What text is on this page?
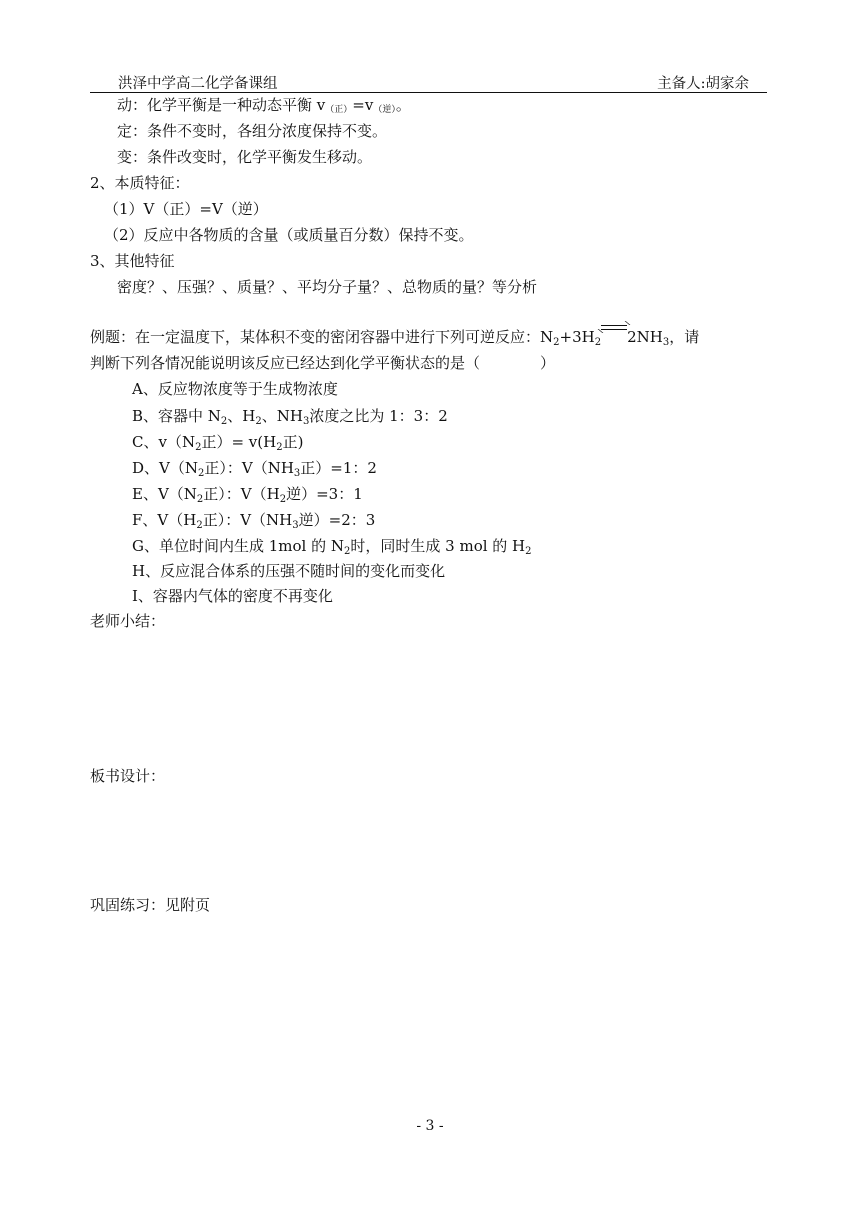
洪泽中学高二化学备课组	主备人:胡家余
动：化学平衡是一种动态平衡 v（正）=v（逆）。
定：条件不变时，各组分浓度保持不变。
变：条件改变时，化学平衡发生移动。
2、本质特征：
（1）V（正）=V（逆）
（2）反应中各物质的含量（或质量百分数）保持不变。
3、其他特征
密度？、压强？、质量？、平均分子量？、总物质的量？等分析
例题：在一定温度下，某体积不变的密闭容器中进行下列可逆反应：$N_2+3H_2$ $2NH_3$，请
判断下列各情况能说明该反应已经达到化学平衡状态的是（　　　　）
A、反应物浓度等于生成物浓度
B、容器中 $N_2$、$H_2$、$NH_3$浓度之比为 1：3：2
C、$v(N_2$正）= $v(H_2$正)
D、$V(N_2$正）：$V(NH_3$正）=1：2
E、$V(N_2$正）：$V(H_2$逆）=3：1
F、$V(H_2$正）：$V(NH_3$逆）=2：3
G、单位时间内生成 1mol 的 $N_2$时，同时生成 3 mol 的 $H_2$
H、反应混合体系的压强不随时间的变化而变化
I、容器内气体的密度不再变化
老师小结：
板书设计：
巩固练习：见附页
- 3 -
